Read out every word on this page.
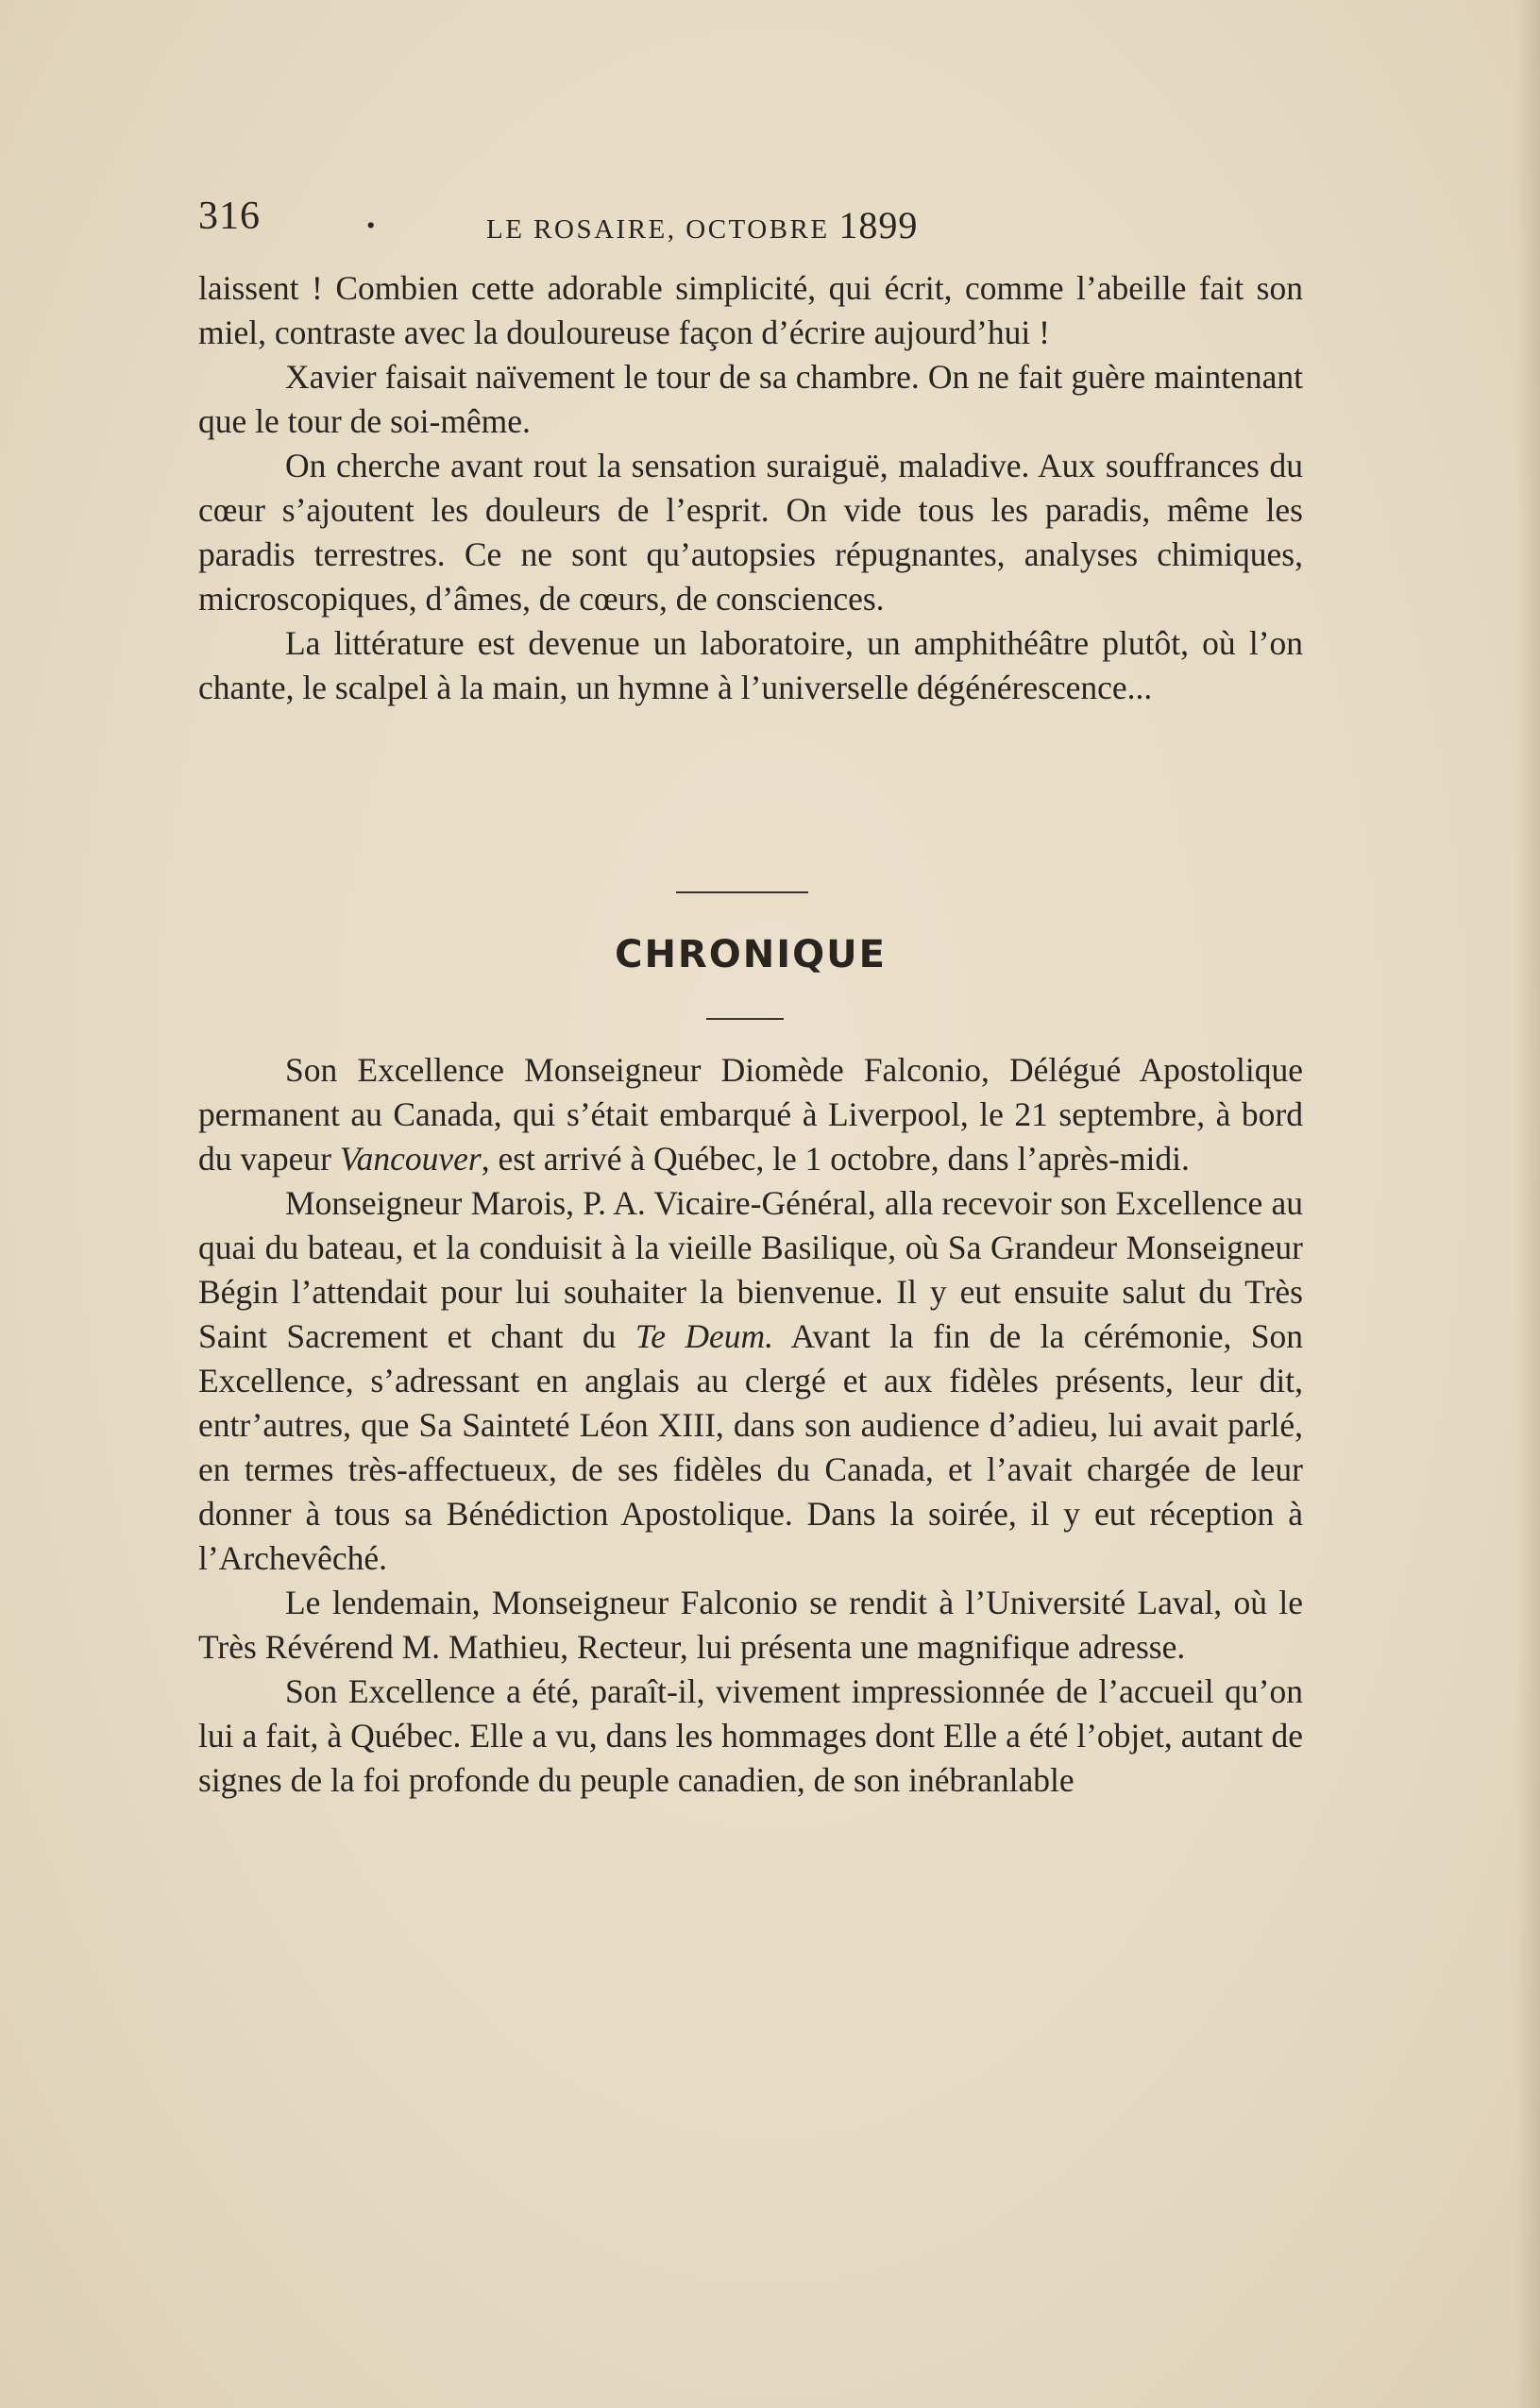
316	.	LE ROSAIRE, OCTOBRE 1899

laissent ! Combien cette adorable simplicité, qui écrit, comme l’abeille fait son miel, contraste avec la douloureuse façon d’écrire aujourd’hui !

Xavier faisait naïvement le tour de sa chambre. On ne fait guère maintenant que le tour de soi-même.

On cherche avant rout la sensation suraiguë, maladive. Aux souffrances du cœur s’ajoutent les douleurs de l’esprit. On vide tous les paradis, même les paradis terrestres. Ce ne sont qu’autopsies répugnantes, analyses chimiques, microscopiques, d’âmes, de cœurs, de consciences.

La littérature est devenue un laboratoire, un amphithéâtre plutôt, où l’on chante, le scalpel à la main, un hymne à l’universelle dégénérescence...

CHRONIQUE

Son Excellence Monseigneur Diomède Falconio, Délégué Apostolique permanent au Canada, qui s’était embarqué à Liverpool, le 21 septembre, à bord du vapeur Vancouver, est arrivé à Québec, le 1 octobre, dans l’après-midi.

Monseigneur Marois, P. A. Vicaire-Général, alla recevoir son Excellence au quai du bateau, et la conduisit à la vieille Basilique, où Sa Grandeur Monseigneur Bégin l’attendait pour lui souhaiter la bienvenue. Il y eut ensuite salut du Très Saint Sacrement et chant du Te Deum. Avant la fin de la cérémonie, Son Excellence, s’adressant en anglais au clergé et aux fidèles présents, leur dit, entr’autres, que Sa Sainteté Léon XIII, dans son audience d’adieu, lui avait parlé, en termes très-affectueux, de ses fidèles du Canada, et l’avait chargée de leur donner à tous sa Bénédiction Apostolique. Dans la soirée, il y eut réception à l’Archevêché.

Le lendemain, Monseigneur Falconio se rendit à l’Université Laval, où le Très Révérend M. Mathieu, Recteur, lui présenta une magnifique adresse.

Son Excellence a été, paraît-il, vivement impressionnée de l’accueil qu’on lui a fait, à Québec. Elle a vu, dans les hommages dont Elle a été l’objet, autant de signes de la foi profonde du peuple canadien, de son inébranlable
